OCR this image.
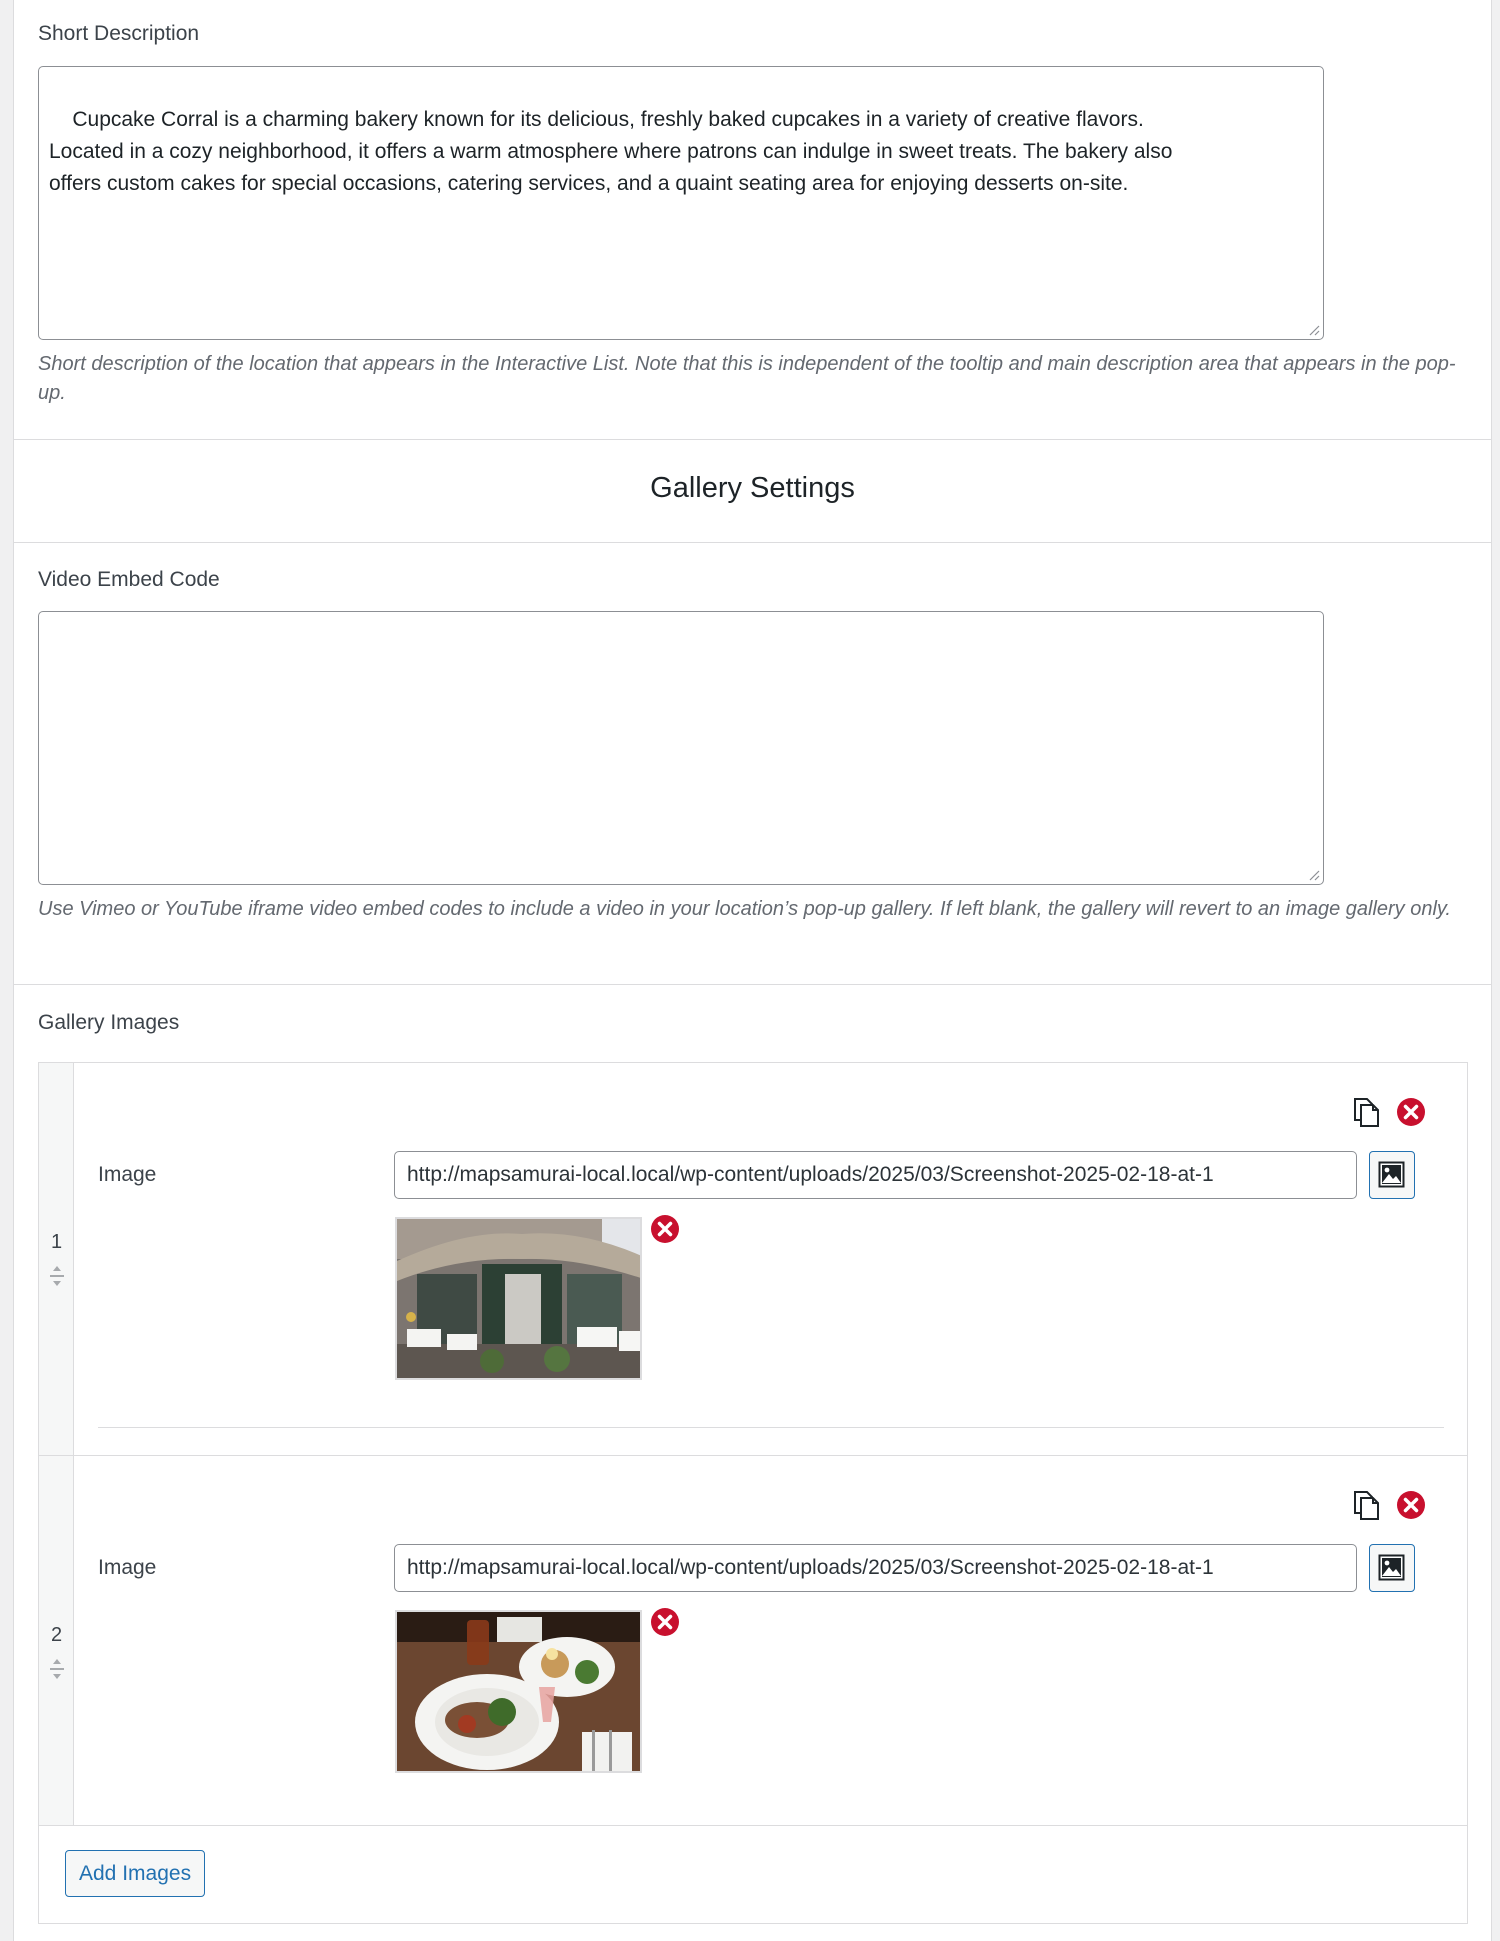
Short Description

Cupcake Corral is a charming bakery known for its delicious, freshly baked cupcakes in a variety of creative flavors.
Located in a cozy neighborhood, it offers a warm atmosphere where patrons can indulge in sweet treats. The bakery also
offers custom cakes for special occasions, catering services, and a quaint seating area for enjoying desserts on-site.

Short description of the location that appears in the Interactive List. Note that this is independent of the tooltip and main description area that appears in the pop-up.
Gallery Settings
Video Embed Code

Use Vimeo or YouTube iframe video embed codes to include a video in your location’s pop-up gallery. If left blank, the gallery will revert to an image gallery only.
Gallery Images
1
Image	http://mapsamurai-local.local/wp-content/uploads/2025/03/Screenshot-2025-02-18-at-1
2
Image	http://mapsamurai-local.local/wp-content/uploads/2025/03/Screenshot-2025-02-18-at-1
Add Images
